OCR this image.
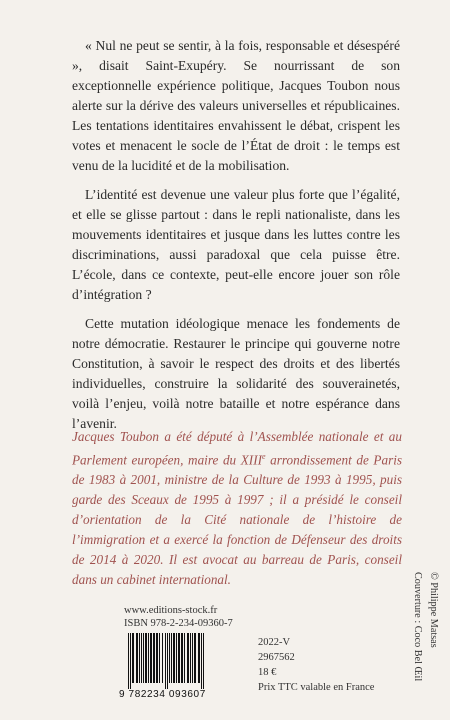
« Nul ne peut se sentir, à la fois, responsable et désespéré », disait Saint-Exupéry. Se nourrissant de son exceptionnelle expérience politique, Jacques Toubon nous alerte sur la dérive des valeurs universelles et républicaines. Les tentations identitaires envahissent le débat, crispent les votes et menacent le socle de l’État de droit : le temps est venu de la lucidité et de la mobilisation.

L’identité est devenue une valeur plus forte que l’égalité, et elle se glisse partout : dans le repli nationaliste, dans les mouvements identitaires et jusque dans les luttes contre les discriminations, aussi paradoxal que cela puisse être. L’école, dans ce contexte, peut-elle encore jouer son rôle d’intégration ?

Cette mutation idéologique menace les fondements de notre démocratie. Restaurer le principe qui gouverne notre Constitution, à savoir le respect des droits et des libertés individuelles, construire la solidarité des souverainetés, voilà l’enjeu, voilà notre bataille et notre espérance dans l’avenir.

Jacques Toubon a été député à l’Assemblée nationale et au Parlement européen, maire du XIIIe arrondissement de Paris de 1983 à 2001, ministre de la Culture de 1993 à 1995, puis garde des Sceaux de 1995 à 1997 ; il a présidé le conseil d’orientation de la Cité nationale de l’histoire de l’immigration et a exercé la fonction de Défenseur des droits de 2014 à 2020. Il est avocat au barreau de Paris, conseil dans un cabinet international.

www.editions-stock.fr
ISBN 978-2-234-09360-7
9 782234 093607
2022-V
2967562
18 €
Prix TTC valable en France
© Philippe Matsas
Couverture : Coco Bel Œil
